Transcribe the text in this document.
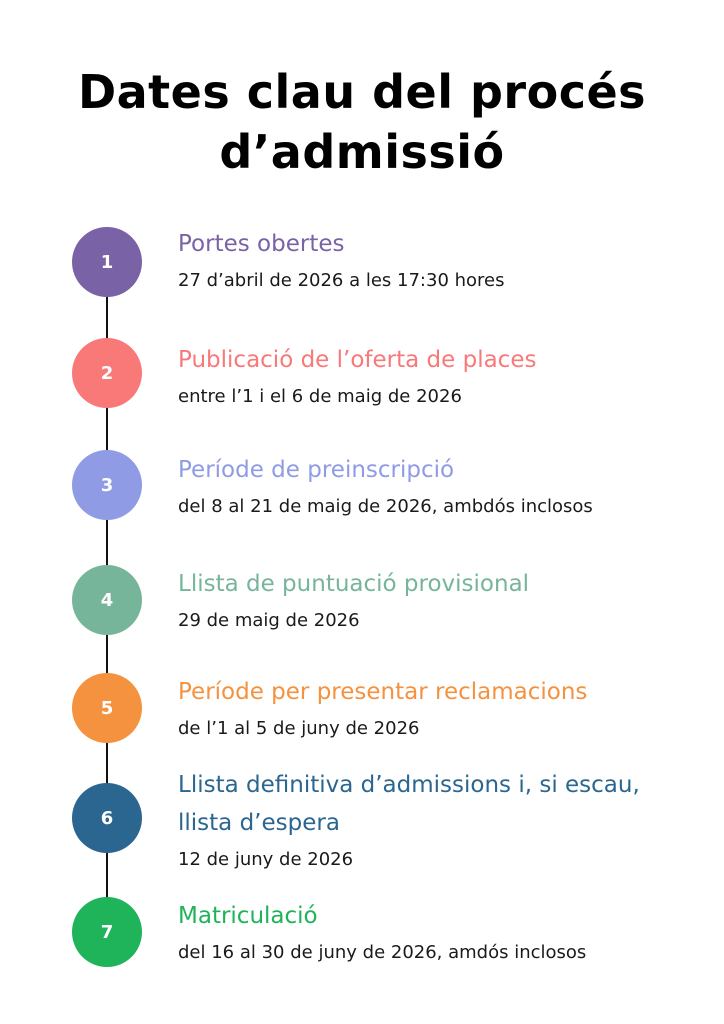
Dates clau del procés
d’admissió
1
Portes obertes
27 d’abril de 2026 a les 17:30 hores
2	Publicació de l’oferta de places
entre l’1 i el 6 de maig de 2026
3
Període de preinscripció
del 8 al 21 de maig de 2026, ambdós inclosos
4
Llista de puntuació provisional
29 de maig de 2026
5
Període per presentar reclamacions
de l’1 al 5 de juny de 2026
6
Llista definitiva d’admissions i, si escau,
llista d’espera
12 de juny de 2026
7
Matriculació
del 16 al 30 de juny de 2026, amdós inclosos
